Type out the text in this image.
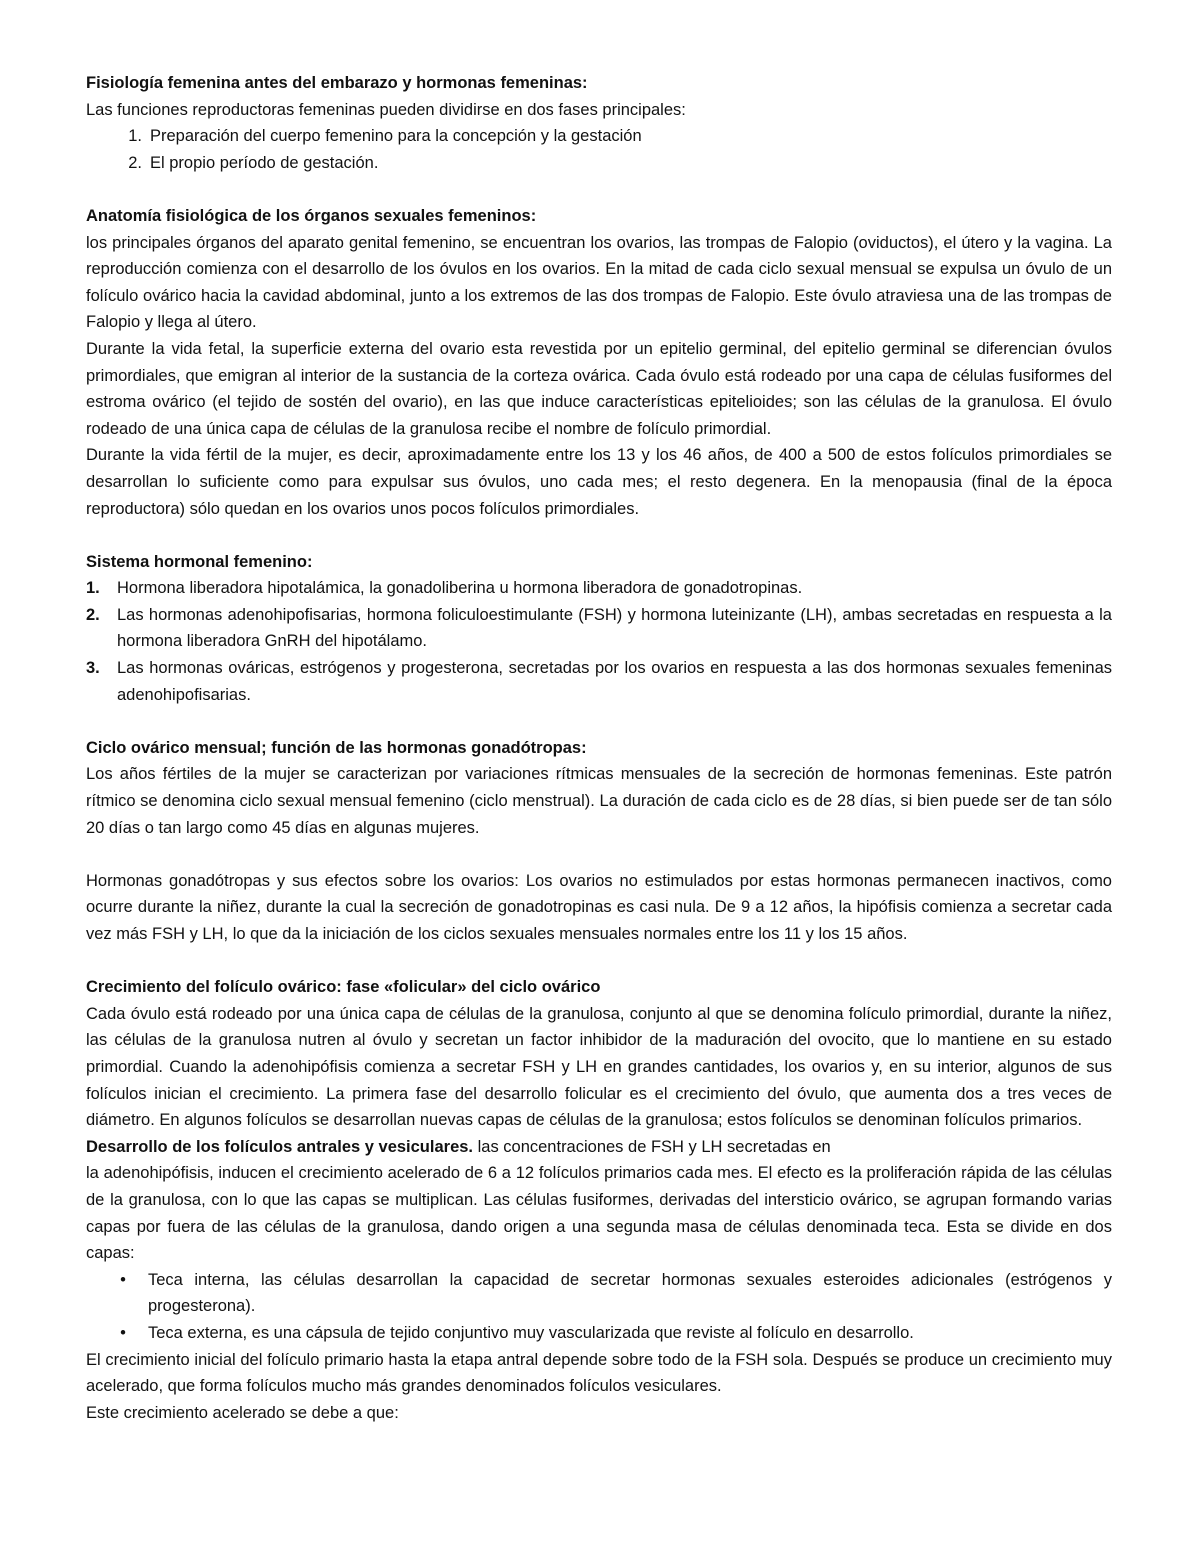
Fisiología femenina antes del embarazo y hormonas femeninas:

Las funciones reproductoras femeninas pueden dividirse en dos fases principales:

1. Preparación del cuerpo femenino para la concepción y la gestación
2. El propio período de gestación.

Anatomía fisiológica de los órganos sexuales femeninos:

los principales órganos del aparato genital femenino, se encuentran los ovarios, las trompas de Falopio (oviductos), el útero y la vagina. La reproducción comienza con el desarrollo de los óvulos en los ovarios. En la mitad de cada ciclo sexual mensual se expulsa un óvulo de un folículo ovárico hacia la cavidad abdominal, junto a los extremos de las dos trompas de Falopio. Este óvulo atraviesa una de las trompas de Falopio y llega al útero.

Durante la vida fetal, la superficie externa del ovario esta revestida por un epitelio germinal, del epitelio germinal se diferencian óvulos primordiales, que emigran al interior de la sustancia de la corteza ovárica. Cada óvulo está rodeado por una capa de células fusiformes del estroma ovárico (el tejido de sostén del ovario), en las que induce características epitelioides; son las células de la granulosa. El óvulo rodeado de una única capa de células de la granulosa recibe el nombre de folículo primordial.

Durante la vida fértil de la mujer, es decir, aproximadamente entre los 13 y los 46 años, de 400 a 500 de estos folículos primordiales se desarrollan lo suficiente como para expulsar sus óvulos, uno cada mes; el resto degenera. En la menopausia (final de la época reproductora) sólo quedan en los ovarios unos pocos folículos primordiales.

Sistema hormonal femenino:

1.	Hormona liberadora hipotalámica, la gonadoliberina u hormona liberadora de gonadotropinas.
2.	Las hormonas adenohipofisarias, hormona foliculoestimulante (FSH) y hormona luteinizante (LH), ambas secretadas en respuesta a la hormona liberadora GnRH del hipotálamo.
3.	Las hormonas ováricas, estrógenos y progesterona, secretadas por los ovarios en respuesta a las dos hormonas sexuales femeninas adenohipofisarias.

Ciclo ovárico mensual; función de las hormonas gonadótropas:

Los años fértiles de la mujer se caracterizan por variaciones rítmicas mensuales de la secreción de hormonas femeninas. Este patrón rítmico se denomina ciclo sexual mensual femenino (ciclo menstrual). La duración de cada ciclo es de 28 días, si bien puede ser de tan sólo 20 días o tan largo como 45 días en algunas mujeres.

Hormonas gonadótropas y sus efectos sobre los ovarios: Los ovarios no estimulados por estas hormonas permanecen inactivos, como ocurre durante la niñez, durante la cual la secreción de gonadotropinas es casi nula. De 9 a 12 años, la hipófisis comienza a secretar cada vez más FSH y LH, lo que da la iniciación de los ciclos sexuales mensuales normales entre los 11 y los 15 años.

Crecimiento del folículo ovárico: fase «folicular» del ciclo ovárico

Cada óvulo está rodeado por una única capa de células de la granulosa, conjunto al que se denomina folículo primordial, durante la niñez, las células de la granulosa nutren al óvulo y secretan un factor inhibidor de la maduración del ovocito, que lo mantiene en su estado primordial. Cuando la adenohipófisis comienza a secretar FSH y LH en grandes cantidades, los ovarios y, en su interior, algunos de sus folículos inician el crecimiento. La primera fase del desarrollo folicular es el crecimiento del óvulo, que aumenta dos a tres veces de diámetro. En algunos folículos se desarrollan nuevas capas de células de la granulosa; estos folículos se denominan folículos primarios.

Desarrollo de los folículos antrales y vesiculares. las concentraciones de FSH y LH secretadas en

la adenohipófisis, inducen el crecimiento acelerado de 6 a 12 folículos primarios cada mes. El efecto es la proliferación rápida de las células de la granulosa, con lo que las capas se multiplican. Las células fusiformes, derivadas del intersticio ovárico, se agrupan formando varias capas por fuera de las células de la granulosa, dando origen a una segunda masa de células denominada teca. Esta se divide en dos capas:

•	Teca interna, las células desarrollan la capacidad de secretar hormonas sexuales esteroides adicionales (estrógenos y progesterona).
•	Teca externa, es una cápsula de tejido conjuntivo muy vascularizada que reviste al folículo en desarrollo.

El crecimiento inicial del folículo primario hasta la etapa antral depende sobre todo de la FSH sola. Después se produce un crecimiento muy acelerado, que forma folículos mucho más grandes denominados folículos vesiculares.

Este crecimiento acelerado se debe a que:
